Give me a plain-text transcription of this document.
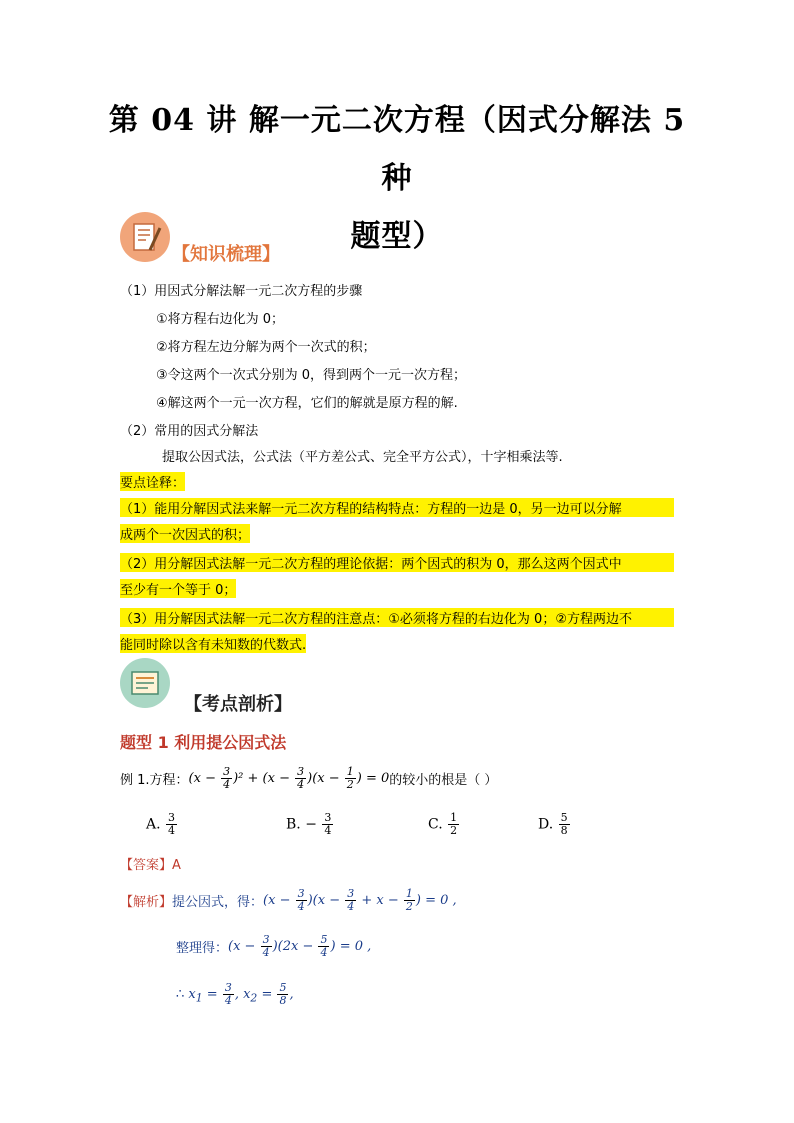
第 04 讲 解一元二次方程（因式分解法 5 种
题型）
【知识梳理】
（1）用因式分解法解一元二次方程的步骤
①将方程右边化为 0；
②将方程左边分解为两个一次式的积；
③令这两个一次式分别为 0，得到两个一元一次方程；
④解这两个一元一次方程，它们的解就是原方程的解.
（2）常用的因式分解法
提取公因式法，公式法（平方差公式、完全平方公式），十字相乘法等.
要点诠释：
（1）能用分解因式法来解一元二次方程的结构特点：方程的一边是 0，另一边可以分解
成两个一次因式的积；
（2）用分解因式法解一元二次方程的理论依据：两个因式的积为 0，那么这两个因式中
至少有一个等于 0；
（3）用分解因式法解一元二次方程的注意点：①必须将方程的右边化为 0；②方程两边不
能同时除以含有未知数的代数式.
【考点剖析】
题型 1 利用提公因式法
例 1.方程： $(x - \frac{3}{4} )^2 + (x - \frac{3}{4} )(x - \frac{1}{2}$ ) = 0 的较小的根是（ ）
A. $\frac{3}{4}$	B. − $\frac{3}{4}$	C. $\frac{1}{2}$	D. $\frac{5}{8}$
【答案】A
【解析】 提公因式，得： $(x - \frac{3}{4} )(x - \frac{3}{4} + x - \frac{1}{2}$ ) = 0 ,
整理得： $(x - \frac{3}{4} )(2x - \frac{5}{4}$ ) = 0 ,
∴ $x_1 = \frac{3}{4}$ , $x_2 = \frac{5}{8}$ ,
